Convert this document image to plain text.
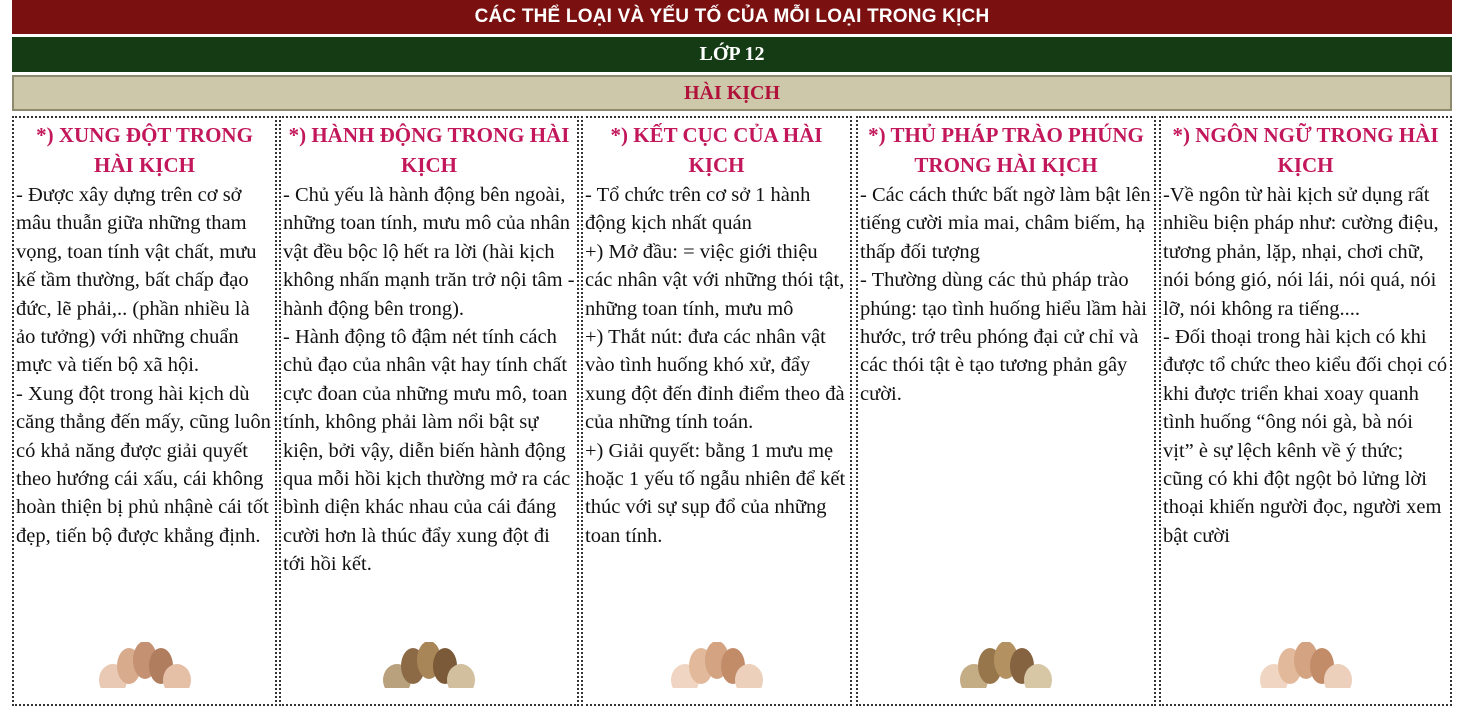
CÁC THỂ LOẠI VÀ YẾU TỐ CỦA MỖI LOẠI TRONG KỊCH
LỚP 12
HÀI KỊCH
*) XUNG ĐỘT TRONG HÀI KỊCH

- Được xây dựng trên cơ sở mâu thuẫn giữa những tham vọng, toan tính vật chất, mưu kế tầm thường, bất chấp đạo đức, lẽ phải,.. (phần nhiều là ảo tưởng) với những chuẩn mực và tiến bộ xã hội.

- Xung đột trong hài kịch dù căng thẳng đến mấy, cũng luôn có khả năng được giải quyết theo hướng cái xấu, cái không hoàn thiện bị phủ nhậnè cái tốt đẹp, tiến bộ được khẳng định.

*) HÀNH ĐỘNG TRONG HÀI KỊCH

- Chủ yếu là hành động bên ngoài, những toan tính, mưu mô của nhân vật đều bộc lộ hết ra lời (hài kịch không nhấn mạnh trăn trở nội tâm - hành động bên trong).

- Hành động tô đậm nét tính cách chủ đạo của nhân vật hay tính chất cực đoan của những mưu mô, toan tính, không phải làm nổi bật sự kiện, bởi vậy, diễn biến hành động qua mỗi hồi kịch thường mở ra các bình diện khác nhau của cái đáng cười hơn là thúc đẩy xung đột đi tới hồi kết.

*) KẾT CỤC CỦA HÀI KỊCH

- Tổ chức trên cơ sở 1 hành động kịch nhất quán

+) Mở đầu: = việc giới thiệu các nhân vật với những thói tật, những toan tính, mưu mô

+) Thắt nút: đưa các nhân vật vào tình huống khó xử, đẩy xung đột đến đỉnh điểm theo đà của những tính toán.

+) Giải quyết: bằng 1 mưu mẹ hoặc 1 yếu tố ngẫu nhiên để kết thúc với sự sụp đổ của những toan tính.

*) THỦ PHÁP TRÀO PHÚNG TRONG HÀI KỊCH

- Các cách thức bất ngờ làm bật lên tiếng cười mỉa mai, châm biếm, hạ thấp đối tượng

- Thường dùng các thủ pháp trào phúng: tạo tình huống hiểu lầm hài hước, trớ trêu phóng đại cử chỉ và các thói tật è tạo tương phản gây cười.

*) NGÔN NGỮ TRONG HÀI KỊCH

-Về ngôn từ hài kịch sử dụng rất nhiều biện pháp như: cường điệu, tương phản, lặp, nhại, chơi chữ, nói bóng gió, nói lái, nói quá, nói lỡ, nói không ra tiếng....

- Đối thoại trong hài kịch có khi được tổ chức theo kiểu đối chọi có khi được triển khai xoay quanh tình huống “ông nói gà, bà nói vịt” è sự lệch kênh về ý thức; cũng có khi đột ngột bỏ lửng lời thoại khiến người đọc, người xem bật cười
